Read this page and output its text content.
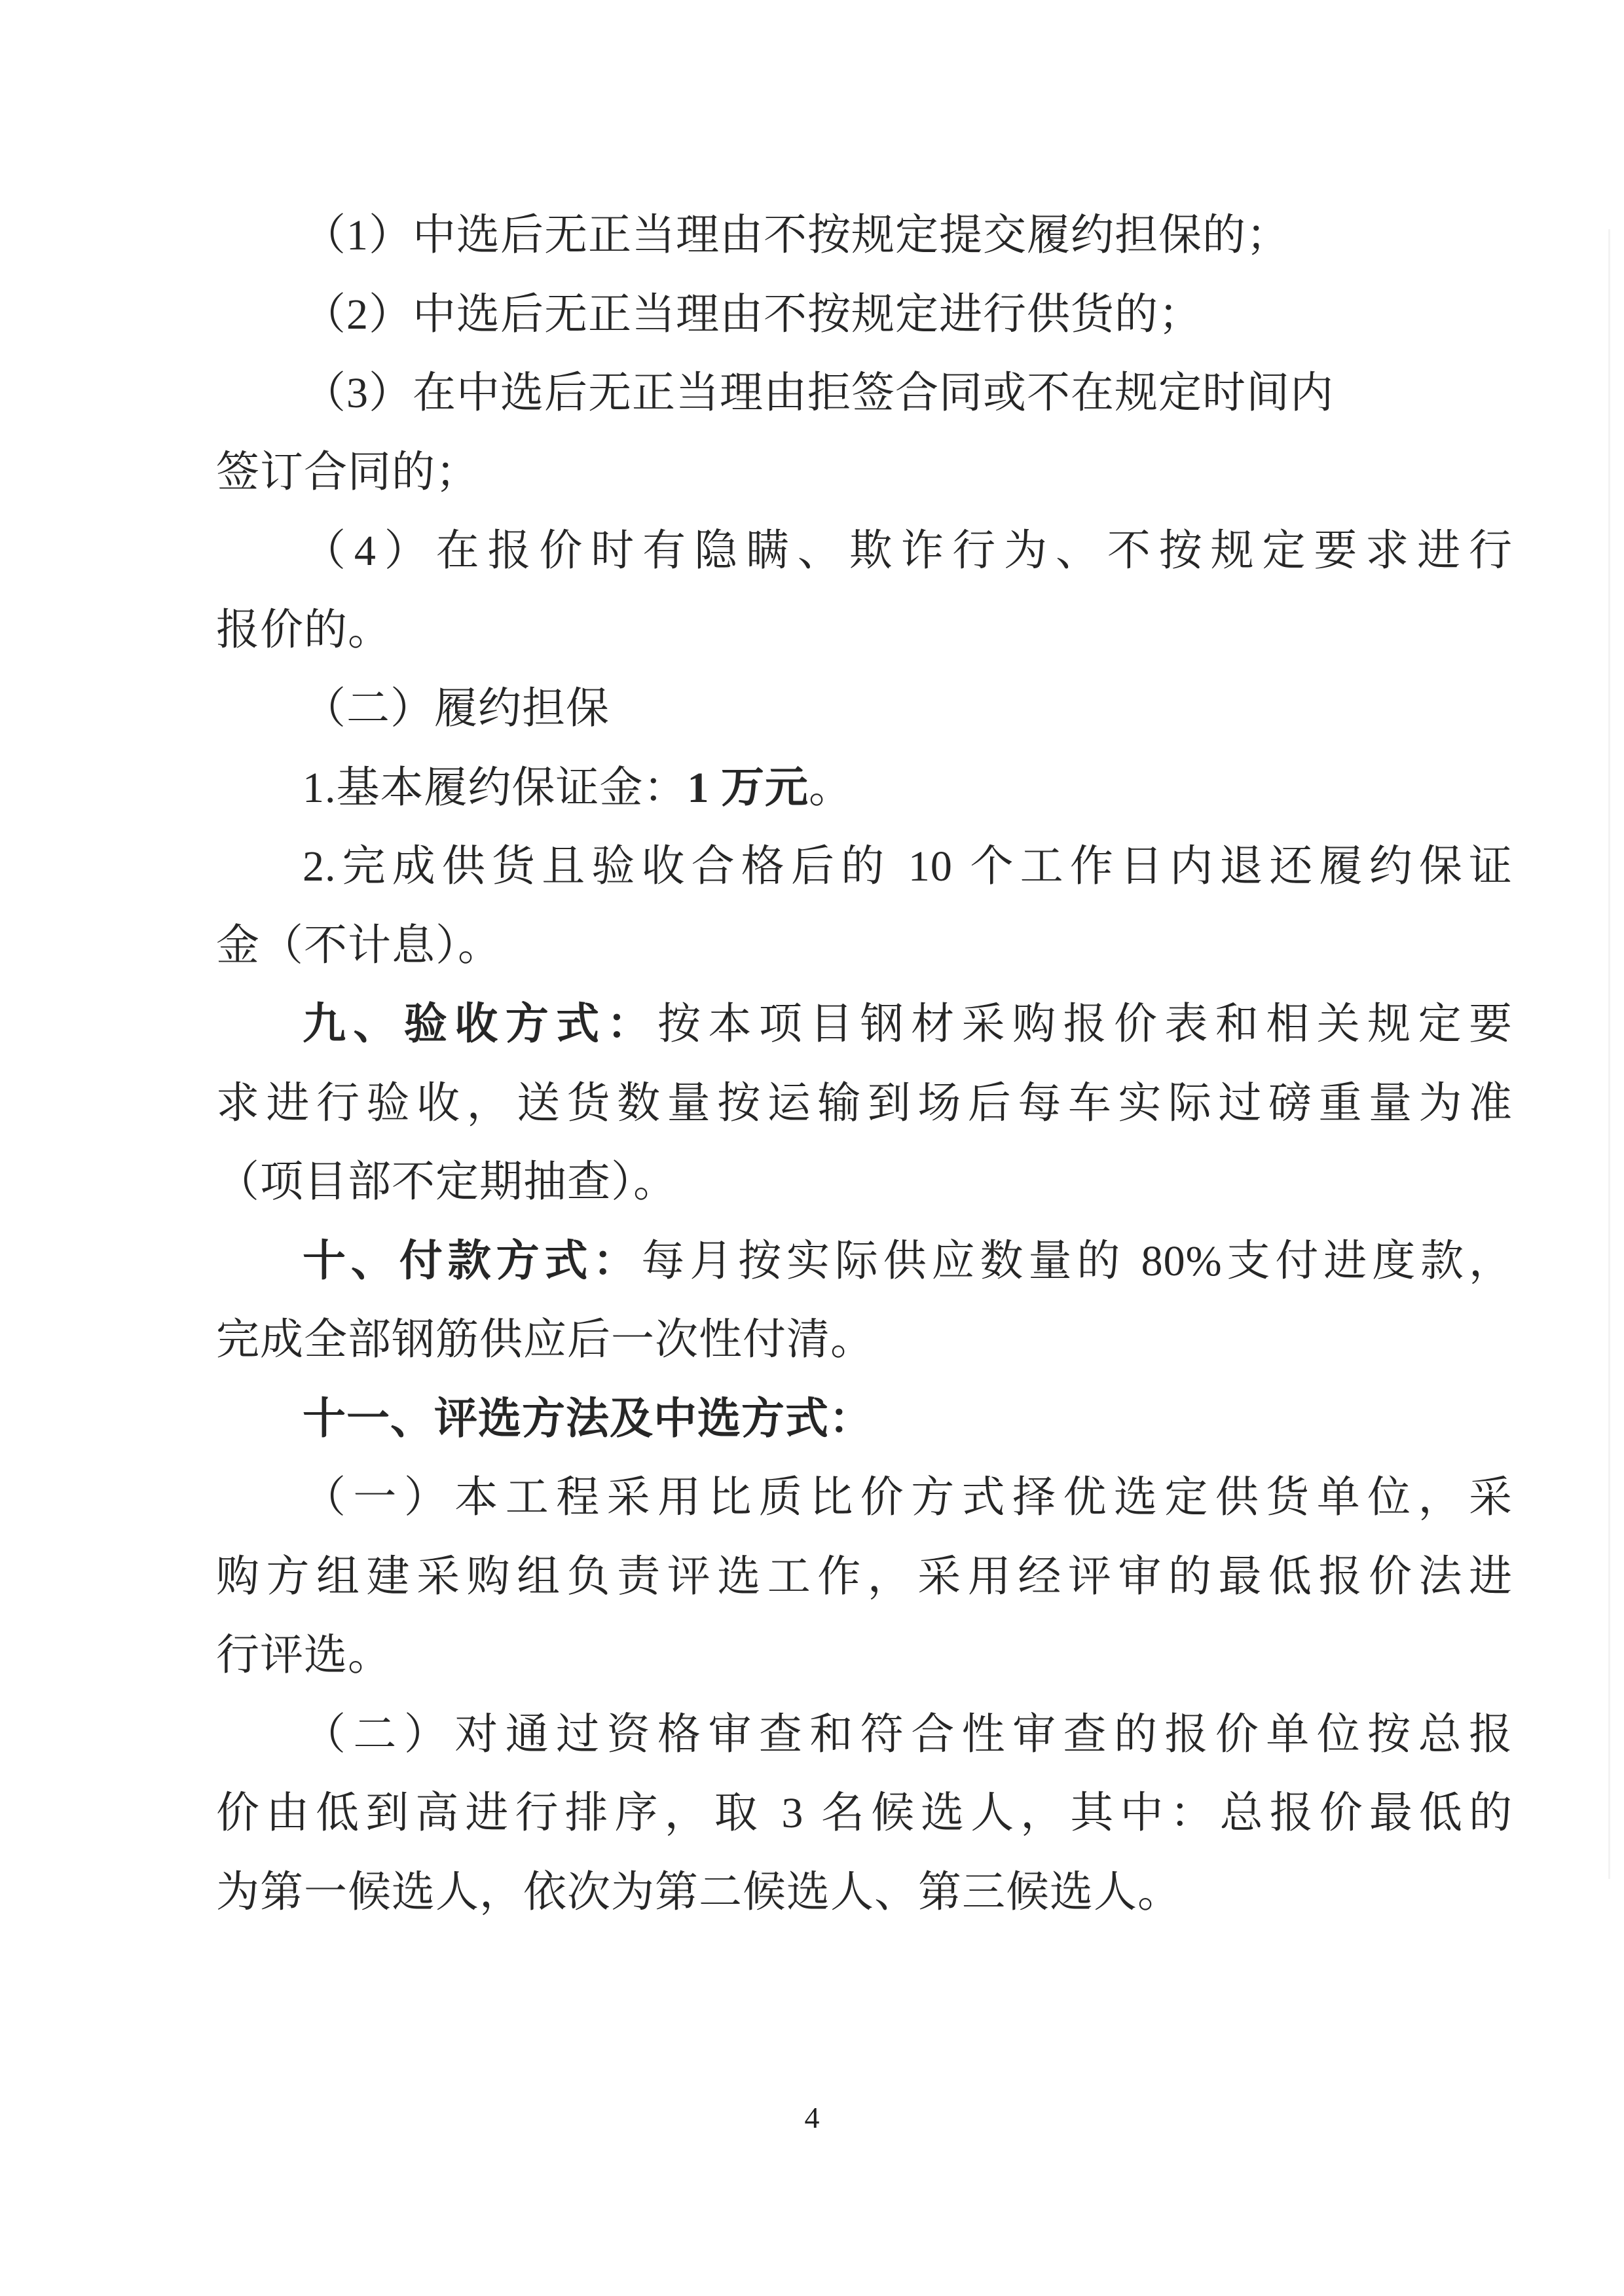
（1）中选后无正当理由不按规定提交履约担保的；
（2）中选后无正当理由不按规定进行供货的；
（3）在中选后无正当理由拒签合同或不在规定时间内
签订合同的；
（4）在报价时有隐瞒、欺诈行为、不按规定要求进行
报价的。
（二）履约担保
1.基本履约保证金：1 万元。
2.完成供货且验收合格后的 10 个工作日内退还履约保证
金（不计息）。
九、验收方式：按本项目钢材采购报价表和相关规定要
求进行验收，送货数量按运输到场后每车实际过磅重量为准
（项目部不定期抽查）。
十、付款方式：每月按实际供应数量的 80%支付进度款，
完成全部钢筋供应后一次性付清。
十一、评选方法及中选方式：
（一）本工程采用比质比价方式择优选定供货单位，采
购方组建采购组负责评选工作，采用经评审的最低报价法进
行评选。
（二）对通过资格审查和符合性审查的报价单位按总报
价由低到高进行排序，取 3 名候选人，其中：总报价最低的
为第一候选人，依次为第二候选人、第三候选人。
4
